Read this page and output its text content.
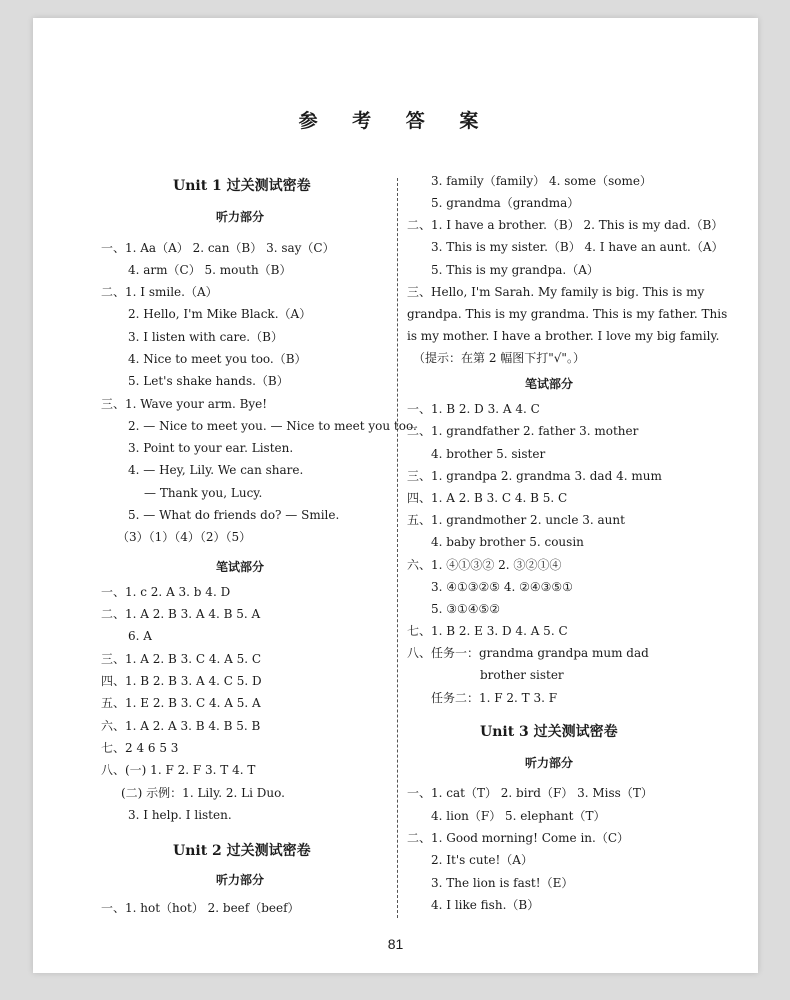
参 考 答 案
Unit 1 过关测试密卷
听力部分
一、1. Aa（A） 2. can（B） 3. say（C）
4. arm（C） 5. mouth（B）
二、1. I smile.（A）
2. Hello, I'm Mike Black.（A）
3. I listen with care.（B）
4. Nice to meet you too.（B）
5. Let's shake hands.（B）
三、1. Wave your arm. Bye!
2. — Nice to meet you. — Nice to meet you too.
3. Point to your ear. Listen.
4. — Hey, Lily. We can share.
— Thank you, Lucy.
5. — What do friends do? — Smile.
（3）（1）（4）（2）（5）
笔试部分
一、1. c 2. A 3. b 4. D
二、1. A 2. B 3. A 4. B 5. A
6. A
三、1. A 2. B 3. C 4. A 5. C
四、1. B 2. B 3. A 4. C 5. D
五、1. E 2. B 3. C 4. A 5. A
六、1. A 2. A 3. B 4. B 5. B
七、2 4 6 5 3
八、(一) 1. F 2. F 3. T 4. T
(二) 示例：1. Lily. 2. Li Duo.
3. I help. I listen.
Unit 2 过关测试密卷
听力部分
一、1. hot（hot） 2. beef（beef）
3. family（family） 4. some（some）
5. grandma（grandma）
二、1. I have a brother.（B） 2. This is my dad.（B）
3. This is my sister.（B） 4. I have an aunt.（A）
5. This is my grandpa.（A）
三、Hello, I'm Sarah. My family is big. This is my
grandpa. This is my grandma. This is my father. This
is my mother. I have a brother. I love my big family.
（提示：在第 2 幅图下打"√"。）
笔试部分
一、1. B 2. D 3. A 4. C
二、1. grandfather 2. father 3. mother
4. brother 5. sister
三、1. grandpa 2. grandma 3. dad 4. mum
四、1. A 2. B 3. C 4. B 5. C
五、1. grandmother 2. uncle 3. aunt
4. baby brother 5. cousin
六、1. ④①③② 2. ③②①④
3. ④①③②⑤ 4. ②④③⑤①
5. ③①④⑤②
七、1. B 2. E 3. D 4. A 5. C
八、任务一：grandma grandpa mum dad
brother sister
任务二：1. F 2. T 3. F
Unit 3 过关测试密卷
听力部分
一、1. cat（T） 2. bird（F） 3. Miss（T）
4. lion（F） 5. elephant（T）
二、1. Good morning! Come in.（C）
2. It's cute!（A）
3. The lion is fast!（E）
4. I like fish.（B）
81
